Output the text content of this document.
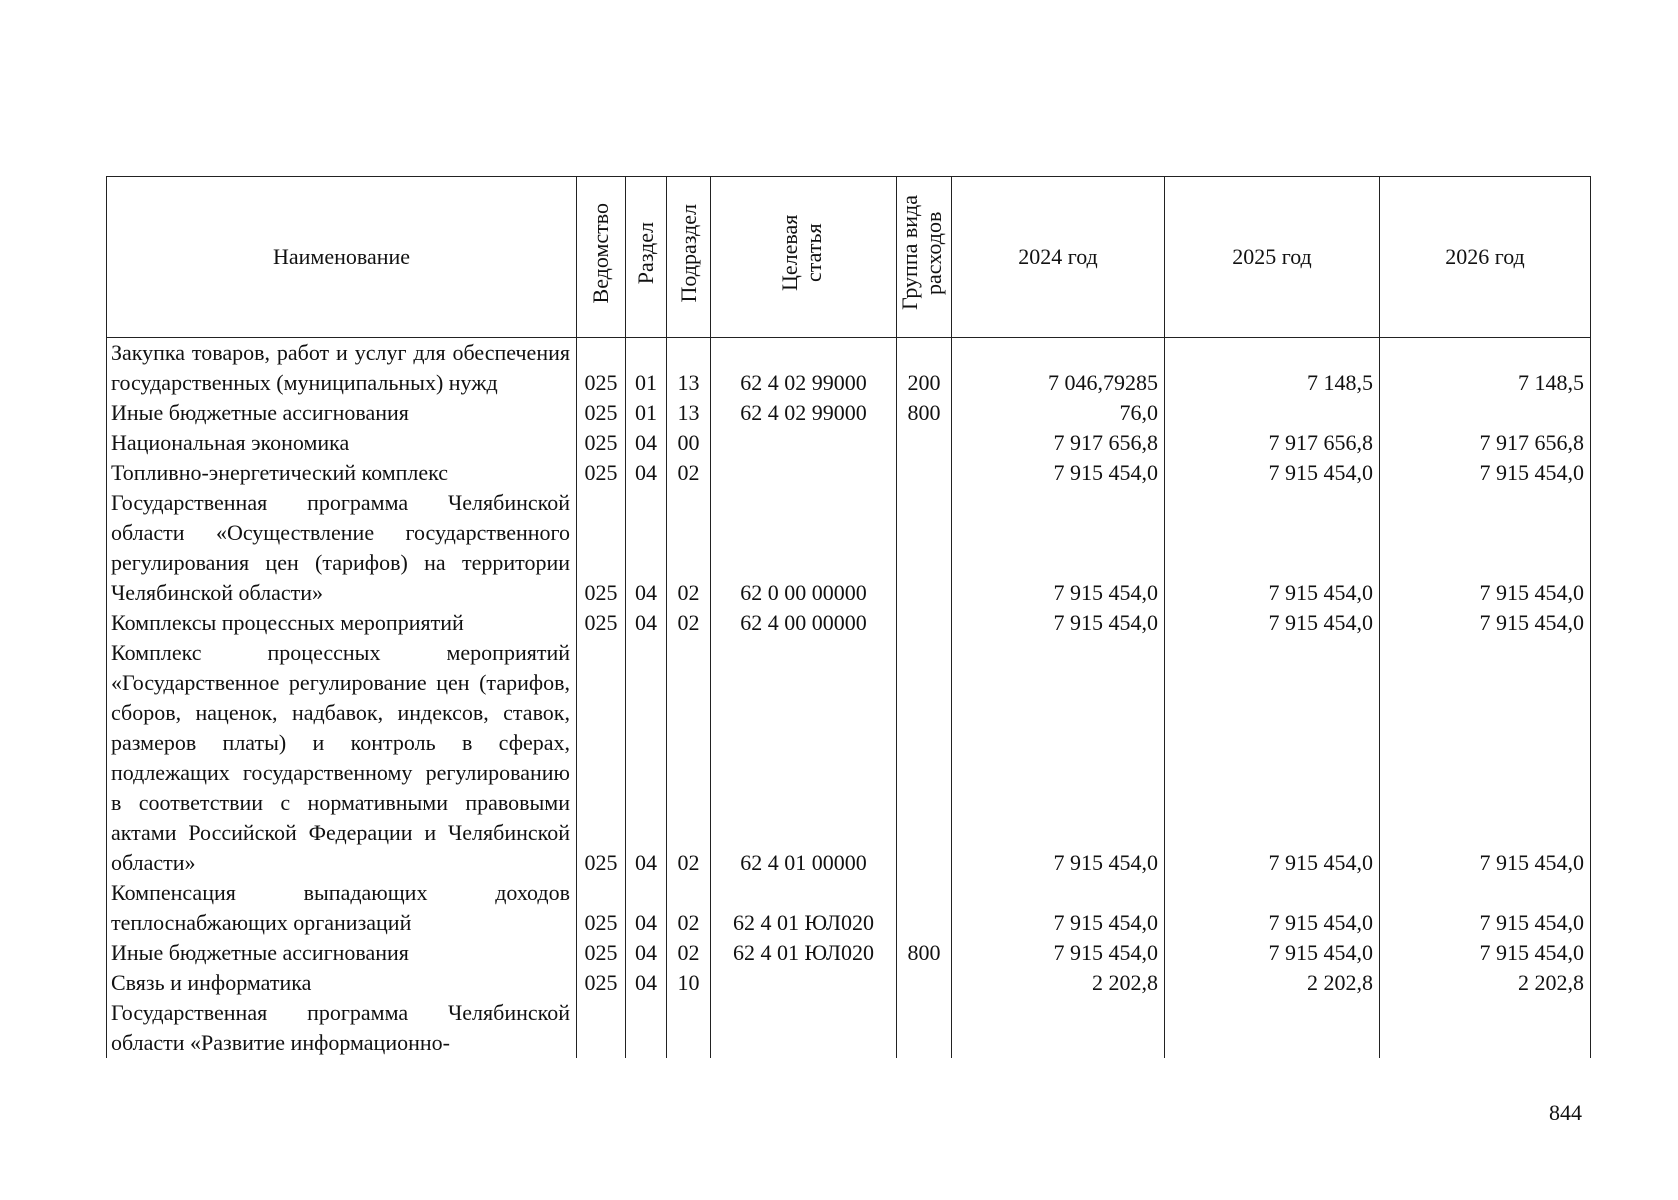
Наименование	Ведомство	Раздел	Подраздел	Целевая статья	Группа вида расходов	2024 год	2025 год	2026 год
Закупка товаров, работ и услуг для обеспечения государственных (муниципальных) нужд	025	01	13	62 4 02 99000	200	7 046,79285	7 148,5	7 148,5
Иные бюджетные ассигнования	025	01	13	62 4 02 99000	800	76,0		
Национальная экономика	025	04	00			7 917 656,8	7 917 656,8	7 917 656,8
Топливно-энергетический комплекс	025	04	02			7 915 454,0	7 915 454,0	7 915 454,0
Государственная программа Челябинской области «Осуществление государственного регулирования цен (тарифов) на территории Челябинской области»	025	04	02	62 0 00 00000		7 915 454,0	7 915 454,0	7 915 454,0
Комплексы процессных мероприятий	025	04	02	62 4 00 00000		7 915 454,0	7 915 454,0	7 915 454,0
Комплекс процессных мероприятий «Государственное регулирование цен (тарифов, сборов, наценок, надбавок, индексов, ставок, размеров платы) и контроль в сферах, подлежащих государственному регулированию в соответствии с нормативными правовыми актами Российской Федерации и Челябинской области»	025	04	02	62 4 01 00000		7 915 454,0	7 915 454,0	7 915 454,0
Компенсация выпадающих доходов теплоснабжающих организаций	025	04	02	62 4 01 ЮЛ020		7 915 454,0	7 915 454,0	7 915 454,0
Иные бюджетные ассигнования	025	04	02	62 4 01 ЮЛ020	800	7 915 454,0	7 915 454,0	7 915 454,0
Связь и информатика	025	04	10			2 202,8	2 202,8	2 202,8
Государственная программа Челябинской области «Развитие информационно-								
844
